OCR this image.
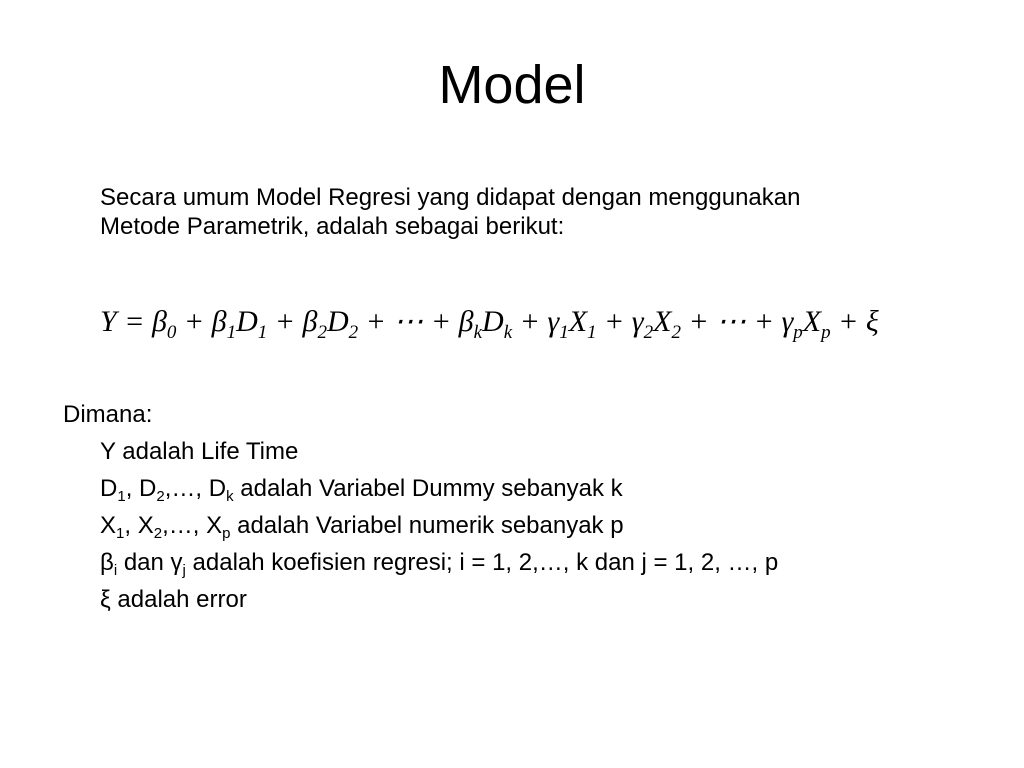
Model
Secara umum Model Regresi yang didapat dengan menggunakan
Metode Parametrik, adalah sebagai berikut:
$Y = \beta_0 + \beta_1D_1 + \beta_2D_2$ + ⋯ + $\beta_kD_k + \gamma_1X_1 + \gamma_2X_2$ + ⋯ + $\gamma_pX_p + \xi$
Dimana:
Y adalah Life Time
$D_1$, $D_2,\dots$, $D_k$ adalah Variabel Dummy sebanyak k
$X_1$, $X_2,\dots$, $X_p$ adalah Variabel numerik sebanyak p
$\beta_i$ dan $\gamma_j$ adalah koefisien regresi; i = 1, 2,…, k dan j = 1, 2, …, p
ξ adalah error
